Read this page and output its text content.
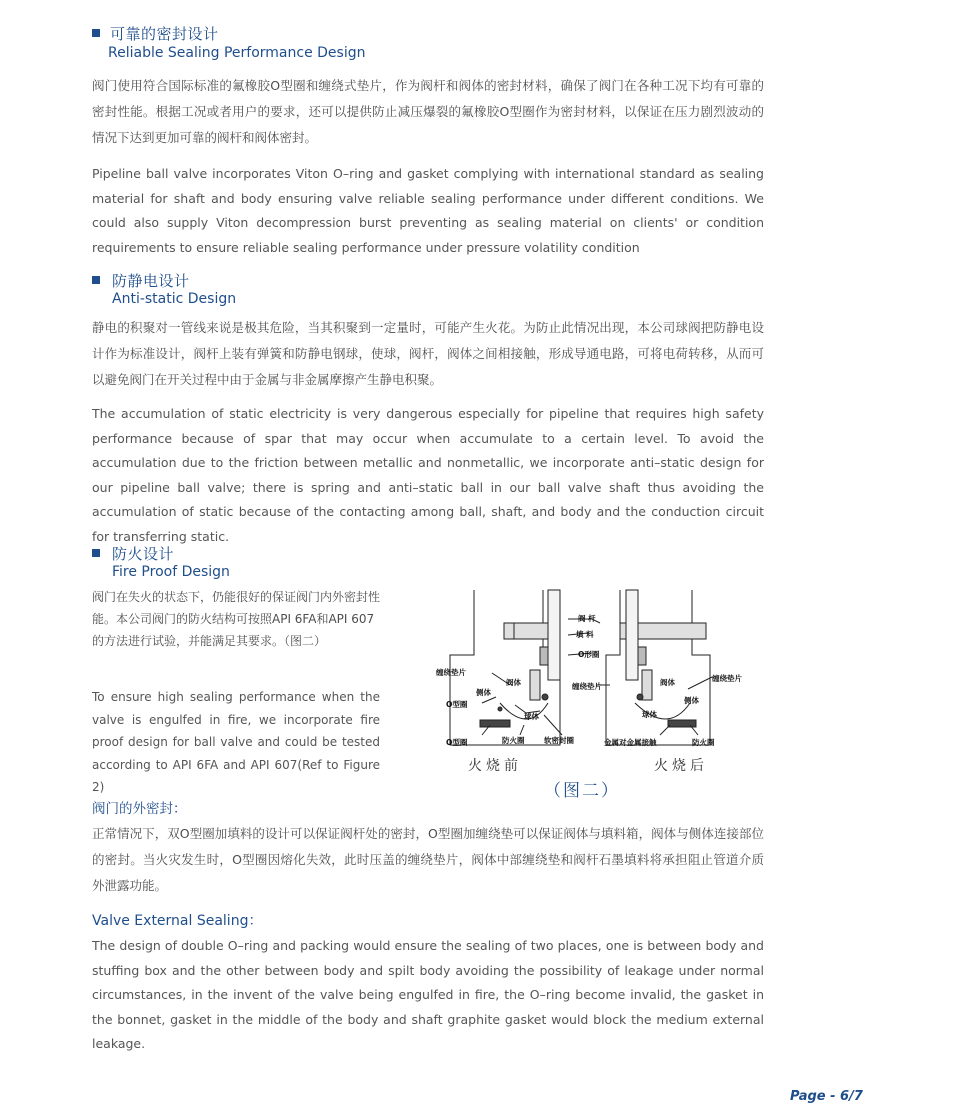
可靠的密封设计
Reliable Sealing Performance Design
阀门使用符合国际标准的氟橡胶O型圈和缠绕式垫片，作为阀杆和阀体的密封材料，确保了阀门在各种工况下均有可靠的密封性能。根据工况或者用户的要求，还可以提供防止减压爆裂的氟橡胶O型圈作为密封材料，以保证在压力剧烈波动的情况下达到更加可靠的阀杆和阀体密封。
Pipeline ball valve incorporates Viton O–ring and gasket complying with international standard as sealing material for shaft and body ensuring valve reliable sealing performance under different conditions. We could also supply Viton decompression burst preventing as sealing material on clients' or condition requirements to ensure reliable sealing performance under pressure volatility condition
防静电设计
Anti-static Design
静电的积聚对一管线来说是极其危险，当其积聚到一定量时，可能产生火花。为防止此情况出现，本公司球阀把防静电设计作为标准设计，阀杆上装有弹簧和防静电钢球，使球，阀杆，阀体之间相接触，形成导通电路，可将电荷转移，从而可以避免阀门在开关过程中由于金属与非金属摩擦产生静电积聚。
The accumulation of static electricity is very dangerous especially for pipeline that requires high safety performance because of spar that may occur when accumulate to a certain level. To avoid the accumulation due to the friction between metallic and nonmetallic, we incorporate anti–static design for our pipeline ball valve; there is spring and anti–static ball in our ball valve shaft thus avoiding the accumulation of static because of the contacting among ball, shaft, and body and the conduction circuit for transferring static.
防火设计
Fire Proof Design
阀门在失火的状态下，仍能很好的保证阀门内外密封性能。本公司阀门的防火结构可按照API 6FA和API 607的方法进行试验，并能满足其要求。（图二）
To ensure high sealing performance when the valve is engulfed in fire, we incorporate fire proof design for ball valve and could be tested according to API 6FA and API 607(Ref to Figure 2)
阀 杆
填 料
O形圈
缠绕垫片
侧体
阀体	缠绕垫片	阀体	缠绕垫片
侧体
O型圈
球体	球体
O型圈	防火圈	软密封圈	金属对金属接触	防火圈
火烧前	火烧后
（图二）
阀门的外密封：
正常情况下，双O型圈加填料的设计可以保证阀杆处的密封，O型圈加缠绕垫可以保证阀体与填料箱，阀体与侧体连接部位的密封。当火灾发生时，O型圈因熔化失效，此时压盖的缠绕垫片，阀体中部缠绕垫和阀杆石墨填料将承担阻止管道介质外泄露功能。
Valve External Sealing：
The design of double O–ring and packing would ensure the sealing of two places, one is between body and stuffing box and the other between body and spilt body avoiding the possibility of leakage under normal circumstances, in the invent of the valve being engulfed in fire, the O–ring become invalid, the gasket in the bonnet, gasket in the middle of the body and shaft graphite gasket would block the medium external leakage.
Page - 6/7
